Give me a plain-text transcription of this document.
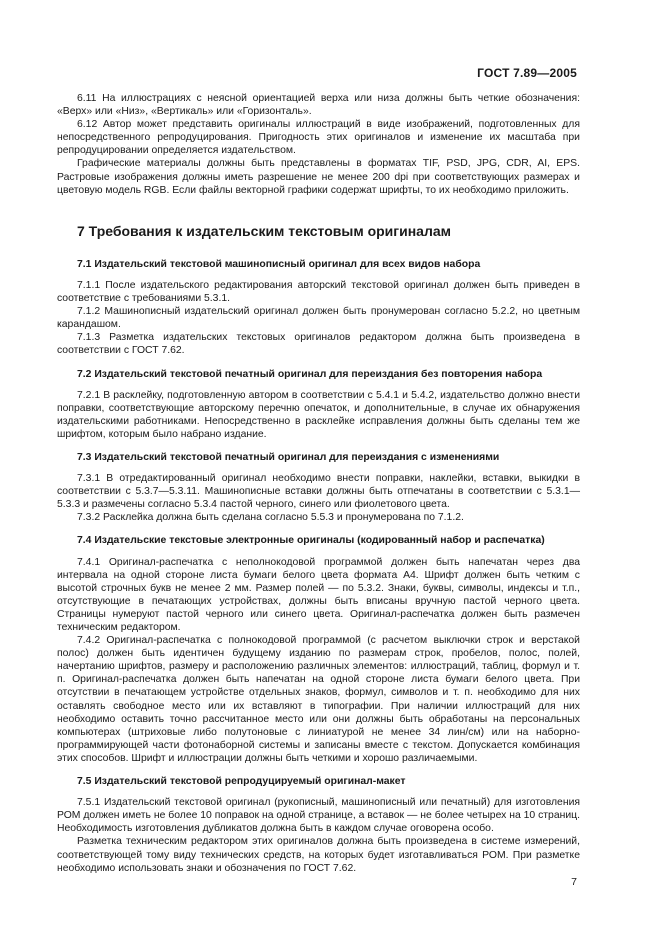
ГОСТ 7.89—2005

6.11 На иллюстрациях с неясной ориентацией верха или низа должны быть четкие обозначения: «Верх» или «Низ», «Вертикаль» или «Горизонталь».

6.12 Автор может представить оригиналы иллюстраций в виде изображений, подготовленных для непосредственного репродуцирования. Пригодность этих оригиналов и изменение их масштаба при репродуцировании определяется издательством.

Графические материалы должны быть представлены в форматах TIF, PSD, JPG, CDR, AI, EPS. Растровые изображения должны иметь разрешение не менее 200 dpi при соответствующих размерах и цветовую модель RGB. Если файлы векторной графики содержат шрифты, то их необходимо приложить.

7 Требования к издательским текстовым оригиналам
7.1 Издательский текстовой машинописный оригинал для всех видов набора

7.1.1 После издательского редактирования авторский текстовой оригинал должен быть приведен в соответствие с требованиями 5.3.1.

7.1.2 Машинописный издательский оригинал должен быть пронумерован согласно 5.2.2, но цветным карандашом.

7.1.3 Разметка издательских текстовых оригиналов редактором должна быть произведена в соответствии с ГОСТ 7.62.

7.2 Издательский текстовой печатный оригинал для переиздания без повторения набора

7.2.1 В расклейку, подготовленную автором в соответствии с 5.4.1 и 5.4.2, издательство должно внести поправки, соответствующие авторскому перечню опечаток, и дополнительные, в случае их обнаружения издательскими работниками. Непосредственно в расклейке исправления должны быть сделаны тем же шрифтом, которым было набрано издание.

7.3 Издательский текстовой печатный оригинал для переиздания с изменениями

7.3.1 В отредактированный оригинал необходимо внести поправки, наклейки, вставки, выкидки в соответствии с 5.3.7—5.3.11. Машинописные вставки должны быть отпечатаны в соответствии с 5.3.1—5.3.3 и размечены согласно 5.3.4 пастой черного, синего или фиолетового цвета.

7.3.2 Расклейка должна быть сделана согласно 5.5.3 и пронумерована по 7.1.2.

7.4 Издательские текстовые электронные оригиналы (кодированный набор и распечатка)

7.4.1 Оригинал-распечатка с неполнокодовой программой должен быть напечатан через два интервала на одной стороне листа бумаги белого цвета формата А4. Шрифт должен быть четким с высотой строчных букв не менее 2 мм. Размер полей — по 5.3.2. Знаки, буквы, символы, индексы и т.п., отсутствующие в печатающих устройствах, должны быть вписаны вручную пастой черного цвета. Страницы нумеруют пастой черного или синего цвета. Оригинал-распечатка должен быть размечен техническим редактором.

7.4.2 Оригинал-распечатка с полнокодовой программой (с расчетом выключки строк и верстакой полос) должен быть идентичен будущему изданию по размерам строк, пробелов, полос, полей, начертанию шрифтов, размеру и расположению различных элементов: иллюстраций, таблиц, формул и т. п. Оригинал-распечатка должен быть напечатан на одной стороне листа бумаги белого цвета. При отсутствии в печатающем устройстве отдельных знаков, формул, символов и т. п. необходимо для них оставлять свободное место или их вставляют в типографии. При наличии иллюстраций для них необходимо оставить точно рассчитанное место или они должны быть обработаны на персональных компьютерах (штриховые либо полутоновые с линиатурой не менее 34 лин/см) или на наборно-программирующей части фотонаборной системы и записаны вместе с текстом. Допускается комбинация этих способов. Шрифт и иллюстрации должны быть четкими и хорошо различаемыми.

7.5 Издательский текстовой репродуцируемый оригинал-макет

7.5.1 Издательский текстовой оригинал (рукописный, машинописный или печатный) для изготовления РОМ должен иметь не более 10 поправок на одной странице, а вставок — не более четырех на 10 страниц. Необходимость изготовления дубликатов должна быть в каждом случае оговорена особо.

Разметка техническим редактором этих оригиналов должна быть произведена в системе измерений, соответствующей тому виду технических средств, на которых будет изготавливаться РОМ. При разметке необходимо использовать знаки и обозначения по ГОСТ 7.62.

7
